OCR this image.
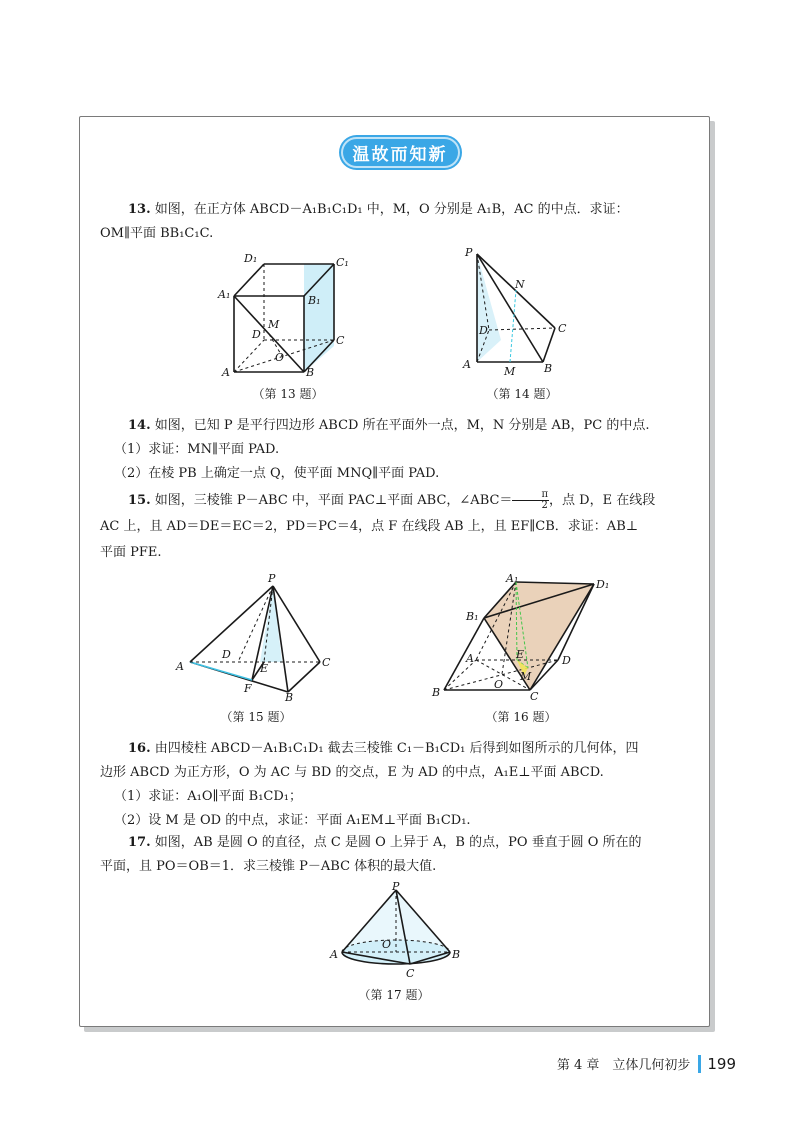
温故而知新
13. 如图，在正方体 ABCD－A₁B₁C₁D₁ 中，M，O 分别是 A₁B，AC 的中点．求证：
OM∥平面 BB₁C₁C.
D₁	C₁
A₁	B₁
M
D	C
O
A	B
（第 13 题）
P
N
D	C
A
M	B
（第 14 题）
14. 如图，已知 P 是平行四边形 ABCD 所在平面外一点，M，N 分别是 AB，PC 的中点.
（1）求证：MN∥平面 PAD.
（2）在棱 PB 上确定一点 Q，使平面 MNQ∥平面 PAD.
15. 如图，三棱锥 P－ABC 中，平面 PAC⊥平面 ABC，∠ABC＝ $\frac{\pi}{2}$ ，点 D，E 在线段
AC 上，且 AD＝DE＝EC＝2，PD＝PC＝4，点 F 在线段 AB 上，且 EF∥CB．求证：AB⊥
平面 PFE.
P
D
A	E	C
F
B
（第 15 题）
A₁	D₁
B₁
A	E	D
M
B
O
C
（第 16 题）
16. 由四棱柱 ABCD－A₁B₁C₁D₁ 截去三棱锥 C₁－B₁CD₁ 后得到如图所示的几何体，四
边形 ABCD 为正方形，O 为 AC 与 BD 的交点，E 为 AD 的中点，A₁E⊥平面 ABCD.
（1）求证：A₁O∥平面 B₁CD₁；
（2）设 M 是 OD 的中点，求证：平面 A₁EM⊥平面 B₁CD₁.
17. 如图，AB 是圆 O 的直径，点 C 是圆 O 上异于 A，B 的点，PO 垂直于圆 O 所在的
平面，且 PO＝OB＝1．求三棱锥 P－ABC 体积的最大值.
P
O
A	B
C
（第 17 题）
第 4 章　立体几何初步 199
